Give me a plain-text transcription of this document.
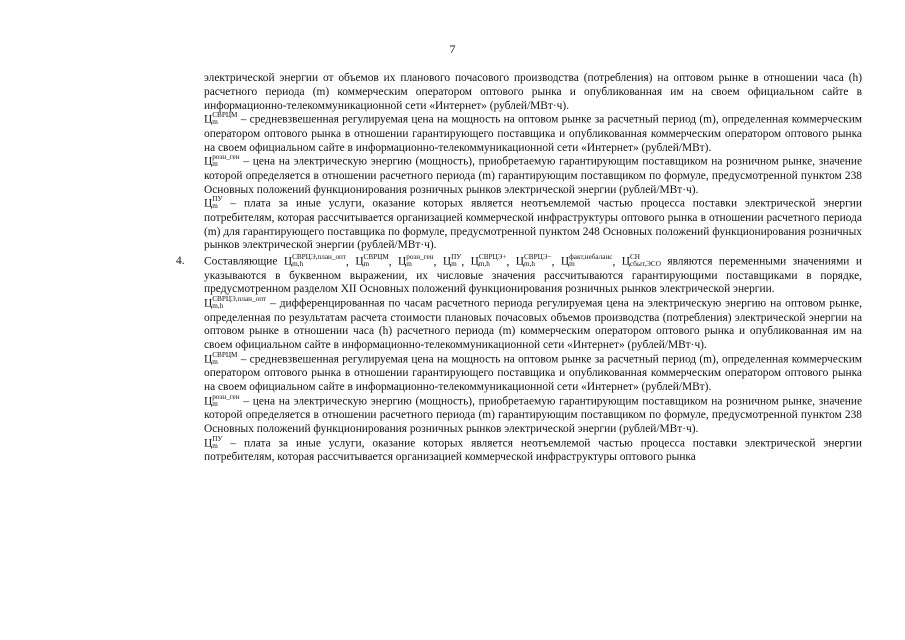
7

электрической энергии от объемов их планового почасового производства (потребления) на оптовом рынке в отношении часа (h) расчетного периода (m) коммерческим оператором оптового рынка и опубликованная им на своем официальном сайте в информационно-телекоммуникационной сети «Интернет» (рублей/МВт·ч).

Ц СВРЦМ
m	– средневзвешенная регулируемая цена на мощность на оптовом рынке за расчетный период (m), определенная коммерческим оператором оптового рынка в отношении гарантирующего поставщика и опубликованная коммерческим оператором оптового рынка на своем официальном сайте в информационно-телекоммуникационной сети «Интернет» (рублей/МВт).

Ц розн_ген
m	– цена на электрическую энергию (мощность), приобретаемую гарантирующим поставщиком на розничном рынке, значение которой определяется в отношении расчетного периода (m) гарантирующим поставщиком по формуле, предусмотренной пунктом 238 Основных положений функционирования розничных рынков электрической энергии (рублей/МВт·ч).

Ц ПУ
m – плата за иные услуги, оказание которых является неотъемлемой частью процесса поставки электрической энергии потребителям, которая рассчитывается организацией коммерческой инфраструктуры оптового рынка в отношении расчетного периода (m) для гарантирующего поставщика по формуле, предусмотренной пунктом 248 Основных положений функционирования розничных рынков электрической энергии (рублей/МВт·ч).

4. Составляющие Ц СВРЦЭ,план_опт
m,h	, Ц СВРЦМ
m	, Ц розн_ген
m	, Ц ПУ
m , Ц СВРЦЭ+
m,h	, Ц СВРЦЭ−
m,h	, Ц факт,небаланс
m	, Ц СН
сбыт,ЭСО являются переменными значениями и указываются в буквенном выражении, их числовые значения рассчитываются гарантирующими поставщиками в порядке, предусмотренном разделом XII Основных положений функционирования розничных рынков электрической энергии.

Ц СВРЦЭ,план_опт
m,h	– дифференцированная по часам расчетного периода регулируемая цена на электрическую энергию на оптовом рынке, определенная по результатам расчета стоимости плановых почасовых объемов производства (потребления) электрической энергии на оптовом рынке в отношении часа (h) расчетного периода (m) коммерческим оператором оптового рынка и опубликованная им на своем официальном сайте в информационно-телекоммуникационной сети «Интернет» (рублей/МВт·ч).

Ц СВРЦМ
m	– средневзвешенная регулируемая цена на мощность на оптовом рынке за расчетный период (m), определенная коммерческим оператором оптового рынка в отношении гарантирующего поставщика и опубликованная коммерческим оператором оптового рынка на своем официальном сайте в информационно-телекоммуникационной сети «Интернет» (рублей/МВт).

Ц розн_ген
m	– цена на электрическую энергию (мощность), приобретаемую гарантирующим поставщиком на розничном рынке, значение которой определяется в отношении расчетного периода (m) гарантирующим поставщиком по формуле, предусмотренной пунктом 238 Основных положений функционирования розничных рынков электрической энергии (рублей/МВт·ч).

Ц ПУ
m – плата за иные услуги, оказание которых является неотъемлемой частью процесса поставки электрической энергии потребителям, которая рассчитывается организацией коммерческой инфраструктуры оптового рынка
